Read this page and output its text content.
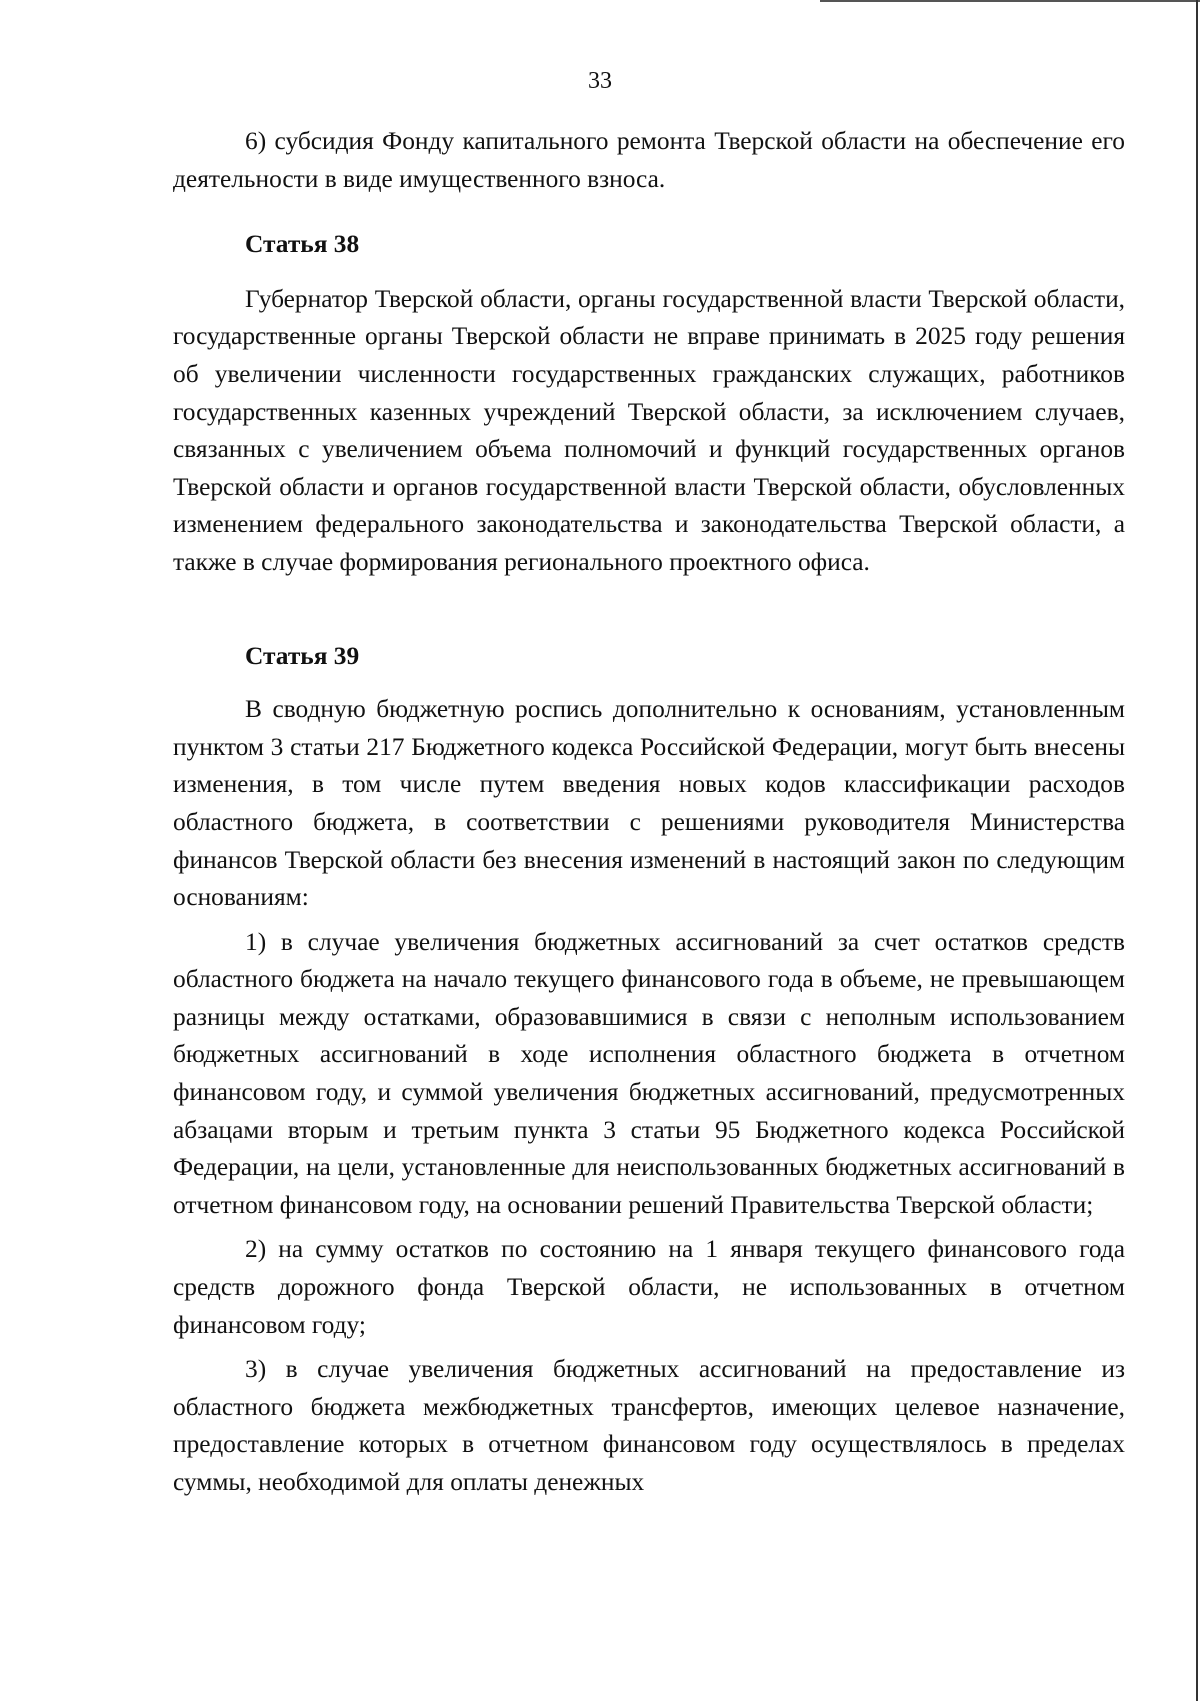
33

6) субсидия Фонду капитального ремонта Тверской области на обеспечение его деятельности в виде имущественного взноса.

Статья 38

Губернатор Тверской области, органы государственной власти Тверской области, государственные органы Тверской области не вправе принимать в 2025 году решения об увеличении численности государственных гражданских служащих, работников государственных казенных учреждений Тверской области, за исключением случаев, связанных с увеличением объема полномочий и функций государственных органов Тверской области и органов государственной власти Тверской области, обусловленных изменением федерального законодательства и законодательства Тверской области, а также в случае формирования регионального проектного офиса.

Статья 39

В сводную бюджетную роспись дополнительно к основаниям, установленным пунктом 3 статьи 217 Бюджетного кодекса Российской Федерации, могут быть внесены изменения, в том числе путем введения новых кодов классификации расходов областного бюджета, в соответствии с решениями руководителя Министерства финансов Тверской области без внесения изменений в настоящий закон по следующим основаниям:

1) в случае увеличения бюджетных ассигнований за счет остатков средств областного бюджета на начало текущего финансового года в объеме, не превышающем разницы между остатками, образовавшимися в связи с неполным использованием бюджетных ассигнований в ходе исполнения областного бюджета в отчетном финансовом году, и суммой увеличения бюджетных ассигнований, предусмотренных абзацами вторым и третьим пункта 3 статьи 95 Бюджетного кодекса Российской Федерации, на цели, установленные для неиспользованных бюджетных ассигнований в отчетном финансовом году, на основании решений Правительства Тверской области;

2) на сумму остатков по состоянию на 1 января текущего финансового года средств дорожного фонда Тверской области, не использованных в отчетном финансовом году;

3) в случае увеличения бюджетных ассигнований на предоставление из областного бюджета межбюджетных трансфертов, имеющих целевое назначение, предоставление которых в отчетном финансовом году осуществлялось в пределах суммы, необходимой для оплаты денежных
